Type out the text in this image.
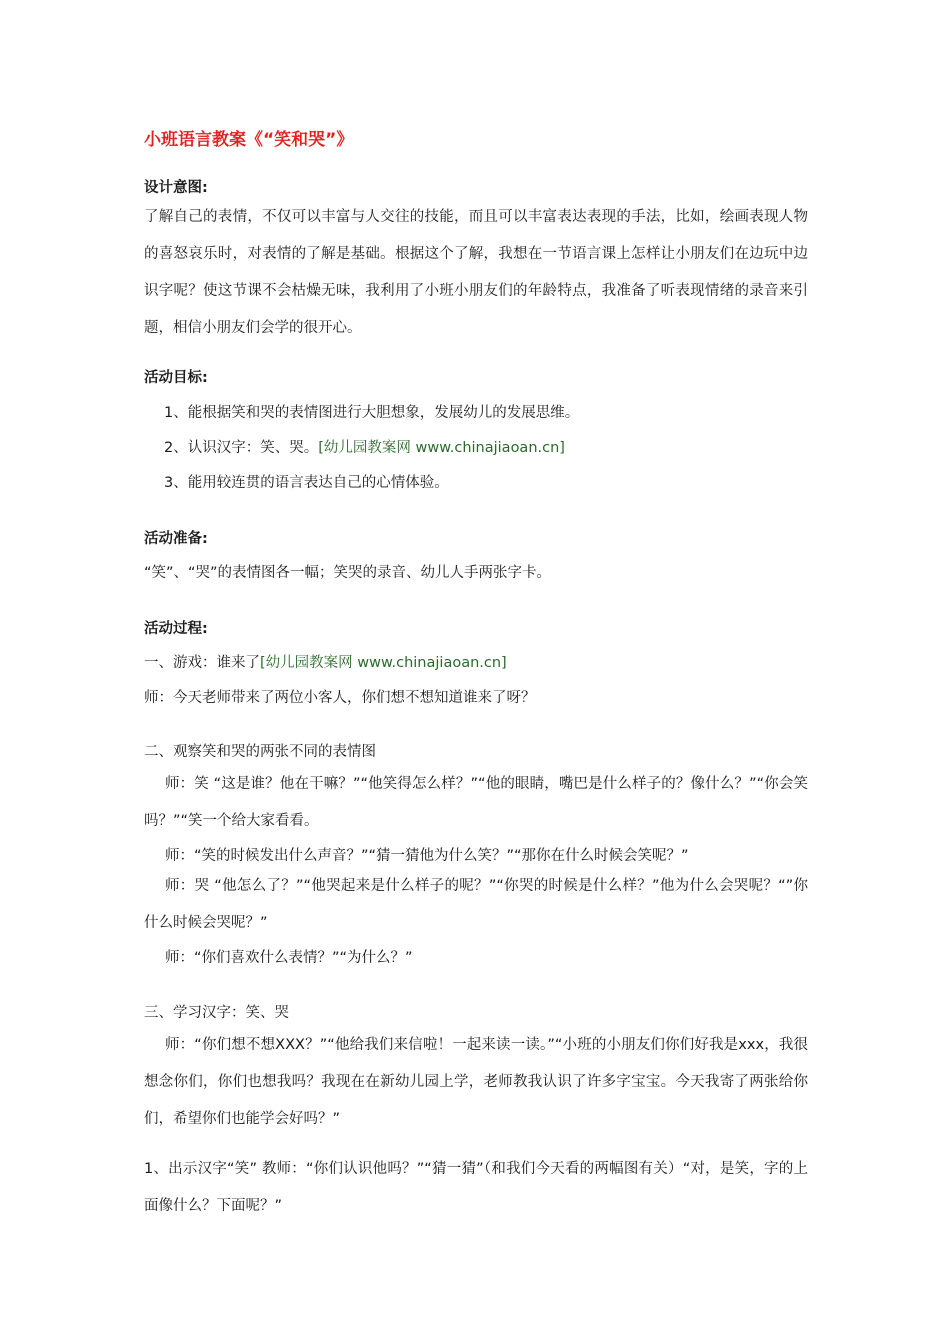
小班语言教案《“笑和哭”》
设计意图:

了解自己的表情，不仅可以丰富与人交往的技能，而且可以丰富表达表现的手法，比如，绘画表现人物的喜怒哀乐时，对表情的了解是基础。根据这个了解，我想在一节语言课上怎样让小朋友们在边玩中边识字呢？使这节课不会枯燥无味，我利用了小班小朋友们的年龄特点，我准备了听表现情绪的录音来引题，相信小朋友们会学的很开心。

活动目标:
1、能根据笑和哭的表情图进行大胆想象，发展幼儿的发展思维。
2、认识汉字：笑、哭。[幼儿园教案网 www.chinajiaoan.cn]
3、能用较连贯的语言表达自己的心情体验。
活动准备:
“笑”、“哭”的表情图各一幅；笑哭的录音、幼儿人手两张字卡。
活动过程:
一、游戏：谁来了[幼儿园教案网 www.chinajiaoan.cn]
师：今天老师带来了两位小客人，你们想不想知道谁来了呀？
二、观察笑和哭的两张不同的表情图

师：笑 “这是谁？他在干嘛？”“他笑得怎么样？”“他的眼睛，嘴巴是什么样子的？像什么？”“你会笑吗？”“笑一个给大家看看。

师：“笑的时候发出什么声音？”“猜一猜他为什么笑？”“那你在什么时候会笑呢？”

师：哭 “他怎么了？”“他哭起来是什么样子的呢？”“你哭的时候是什么样？”他为什么会哭呢？“”你什么时候会哭呢？”

师：“你们喜欢什么表情？”“为什么？”
三、学习汉字：笑、哭

师：“你们想不想XXX？”“他给我们来信啦！一起来读一读。”“小班的小朋友们你们好我是xxx，我很想念你们，你们也想我吗？我现在在新幼儿园上学，老师教我认识了许多字宝宝。今天我寄了两张给你们，希望你们也能学会好吗？”

1、出示汉字“笑” 教师：“你们认识他吗？”“猜一猜”（和我们今天看的两幅图有关）“对，是笑，字的上面像什么？下面呢？”
